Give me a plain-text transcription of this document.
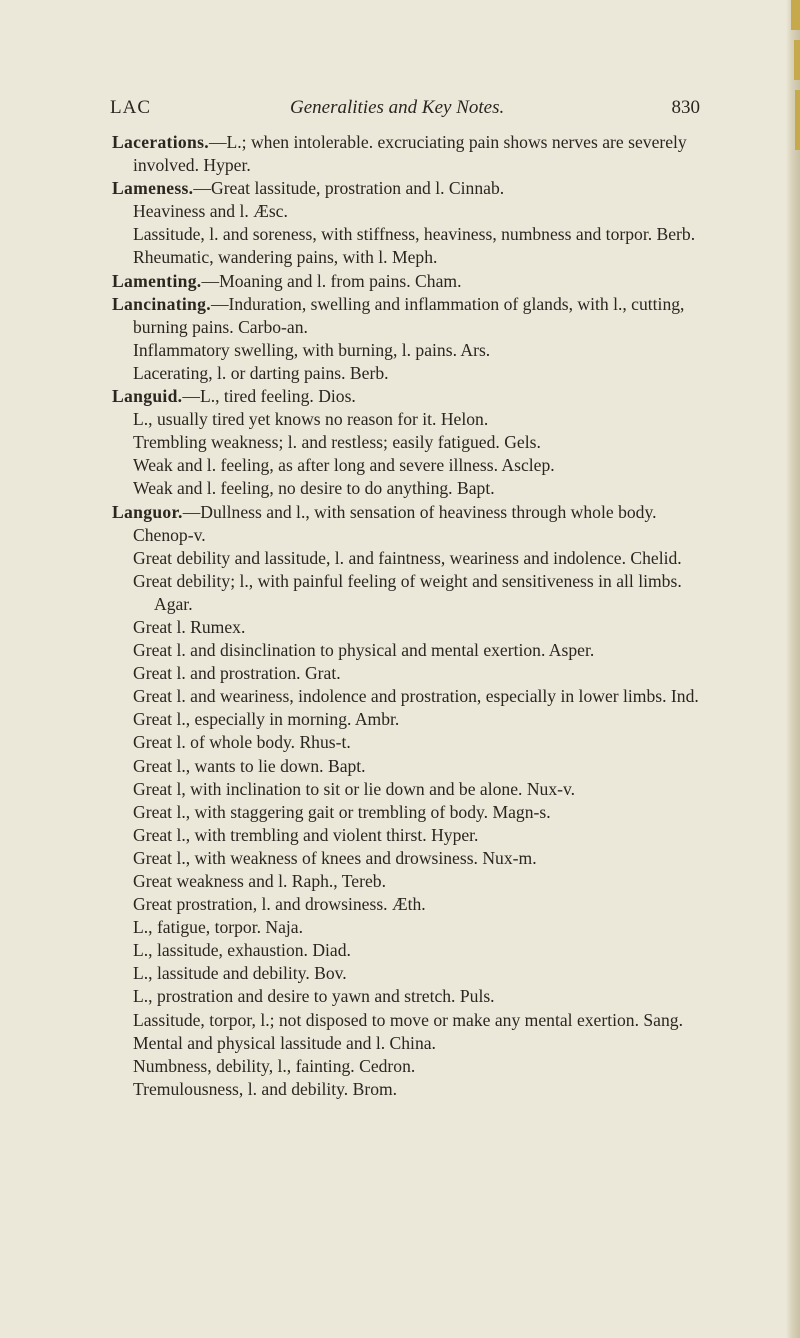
LAC	Generalities and Key Notes.	830

Lacerations.—L.; when intolerable. excruciating pain shows nerves are severely involved. Hyper.

Lameness.—Great lassitude, prostration and l. Cinnab.

Heaviness and l. Æsc.

Lassitude, l. and soreness, with stiffness, heaviness, numbness and torpor. Berb.

Rheumatic, wandering pains, with l. Meph.

Lamenting.—Moaning and l. from pains. Cham.

Lancinating.—Induration, swelling and inflammation of glands, with l., cutting, burning pains. Carbo-an.

Inflammatory swelling, with burning, l. pains. Ars.

Lacerating, l. or darting pains. Berb.

Languid.—L., tired feeling. Dios.

L., usually tired yet knows no reason for it. Helon.

Trembling weakness; l. and restless; easily fatigued. Gels.

Weak and l. feeling, as after long and severe illness. Asclep.

Weak and l. feeling, no desire to do anything. Bapt.

Languor.—Dullness and l., with sensation of heaviness through whole body. Chenop-v.

Great debility and lassitude, l. and faintness, weariness and indolence. Chelid.

Great debility; l., with painful feeling of weight and sensitiveness in all limbs. Agar.

Great l. Rumex.

Great l. and disinclination to physical and mental exertion. Asper.

Great l. and prostration. Grat.

Great l. and weariness, indolence and prostration, especially in lower limbs. Ind.

Great l., especially in morning. Ambr.

Great l. of whole body. Rhus-t.

Great l., wants to lie down. Bapt.

Great l, with inclination to sit or lie down and be alone. Nux-v.

Great l., with staggering gait or trembling of body. Magn-s.

Great l., with trembling and violent thirst. Hyper.

Great l., with weakness of knees and drowsiness. Nux-m.

Great weakness and l. Raph., Tereb.

Great prostration, l. and drowsiness. Æth.

L., fatigue, torpor. Naja.

L., lassitude, exhaustion. Diad.

L., lassitude and debility. Bov.

L., prostration and desire to yawn and stretch. Puls.

Lassitude, torpor, l.; not disposed to move or make any mental exertion. Sang.

Mental and physical lassitude and l. China.

Numbness, debility, l., fainting. Cedron.

Tremulousness, l. and debility. Brom.
